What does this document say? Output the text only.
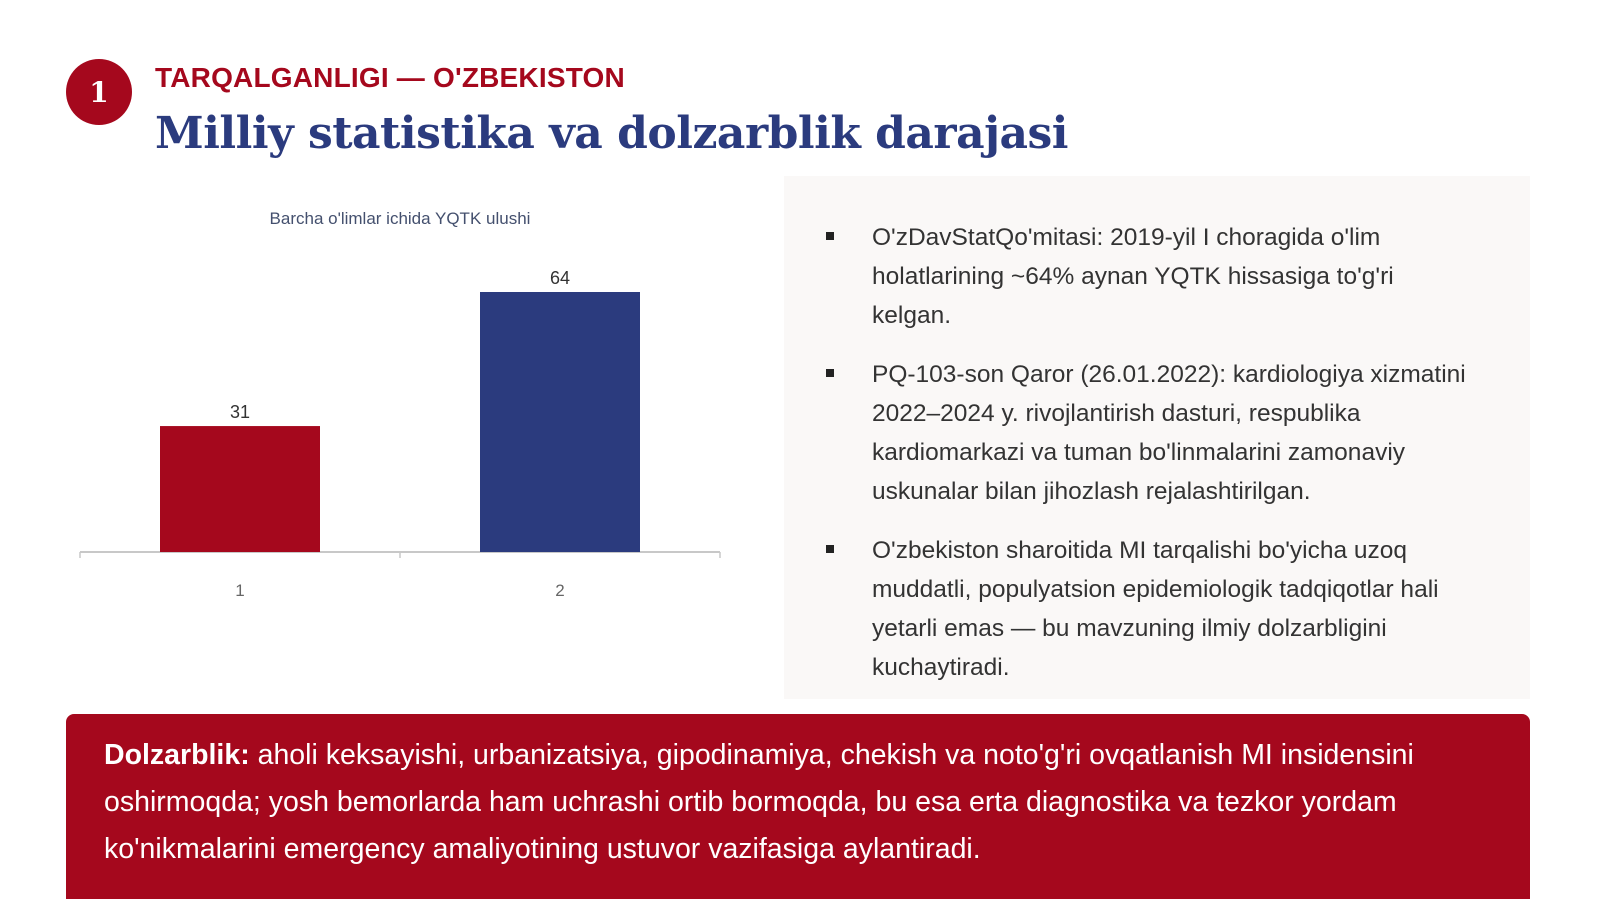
1	TARQALGANLIGI — O'ZBEKISTON
Milliy statistika va dolzarblik darajasi
Barcha o'limlar ichida YQTK ulushi
31
1
64
2
O'zDavStatQo'mitasi: 2019-yil I choragida o'lim holatlarining ~64% aynan YQTK hissasiga to'g'ri kelgan.
PQ-103-son Qaror (26.01.2022): kardiologiya xizmatini 2022–2024 y. rivojlantirish dasturi, respublika kardiomarkazi va tuman bo'linmalarini zamonaviy uskunalar bilan jihozlash rejalashtirilgan.
O'zbekiston sharoitida MI tarqalishi bo'yicha uzoq muddatli, populyatsion epidemiologik tadqiqotlar hali yetarli emas — bu mavzuning ilmiy dolzarbligini kuchaytiradi.

Dolzarblik: aholi keksayishi, urbanizatsiya, gipodinamiya, chekish va noto'g'ri ovqatlanish MI insidensini oshirmoqda; yosh bemorlarda ham uchrashi ortib bormoqda, bu esa erta diagnostika va tezkor yordam ko'nikmalarini emergency amaliyotining ustuvor vazifasiga aylantiradi.
